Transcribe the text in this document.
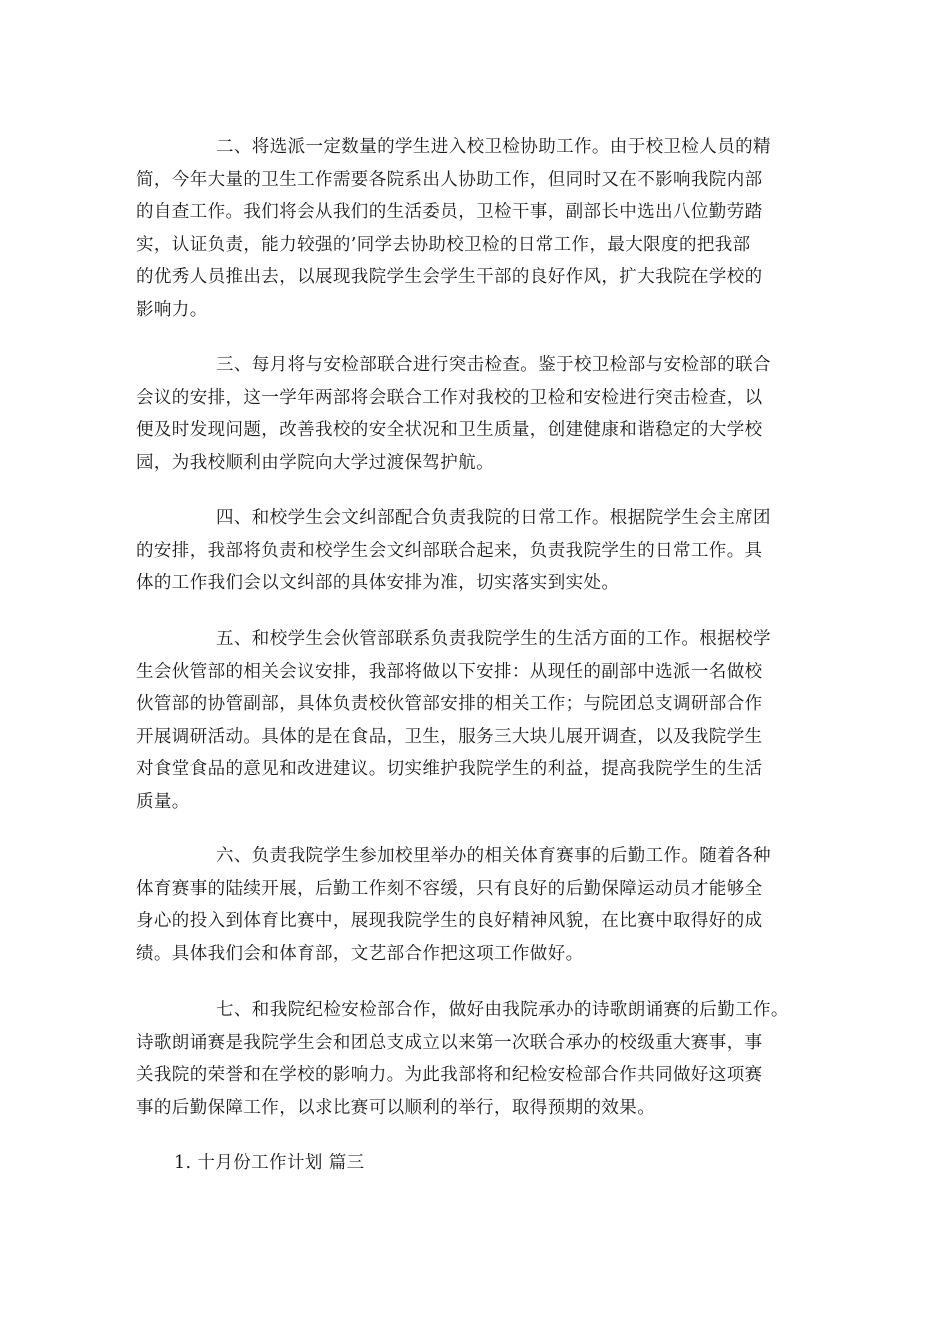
二、将选派一定数量的学生进入校卫检协助工作。由于校卫检人员的精
简，今年大量的卫生工作需要各院系出人协助工作，但同时又在不影响我院内部
的自查工作。我们将会从我们的生活委员，卫检干事，副部长中选出八位勤劳踏
实，认证负责，能力较强的’同学去协助校卫检的日常工作，最大限度的把我部
的优秀人员推出去，以展现我院学生会学生干部的良好作风，扩大我院在学校的
影响力。
三、每月将与安检部联合进行突击检查。鉴于校卫检部与安检部的联合
会议的安排，这一学年两部将会联合工作对我校的卫检和安检进行突击检查，以
便及时发现问题，改善我校的安全状况和卫生质量，创建健康和谐稳定的大学校
园，为我校顺利由学院向大学过渡保驾护航。
四、和校学生会文纠部配合负责我院的日常工作。根据院学生会主席团
的安排，我部将负责和校学生会文纠部联合起来，负责我院学生的日常工作。具
体的工作我们会以文纠部的具体安排为准，切实落实到实处。
五、和校学生会伙管部联系负责我院学生的生活方面的工作。根据校学
生会伙管部的相关会议安排，我部将做以下安排：从现任的副部中选派一名做校
伙管部的协管副部，具体负责校伙管部安排的相关工作；与院团总支调研部合作
开展调研活动。具体的是在食品，卫生，服务三大块儿展开调查，以及我院学生
对食堂食品的意见和改进建议。切实维护我院学生的利益，提高我院学生的生活
质量。
六、负责我院学生参加校里举办的相关体育赛事的后勤工作。随着各种
体育赛事的陆续开展，后勤工作刻不容缓，只有良好的后勤保障运动员才能够全
身心的投入到体育比赛中，展现我院学生的良好精神风貌，在比赛中取得好的成
绩。具体我们会和体育部，文艺部合作把这项工作做好。
七、和我院纪检安检部合作，做好由我院承办的诗歌朗诵赛的后勤工作。
诗歌朗诵赛是我院学生会和团总支成立以来第一次联合承办的校级重大赛事，事
关我院的荣誉和在学校的影响力。为此我部将和纪检安检部合作共同做好这项赛
事的后勤保障工作，以求比赛可以顺利的举行，取得预期的效果。
1. 十月份工作计划 篇三
